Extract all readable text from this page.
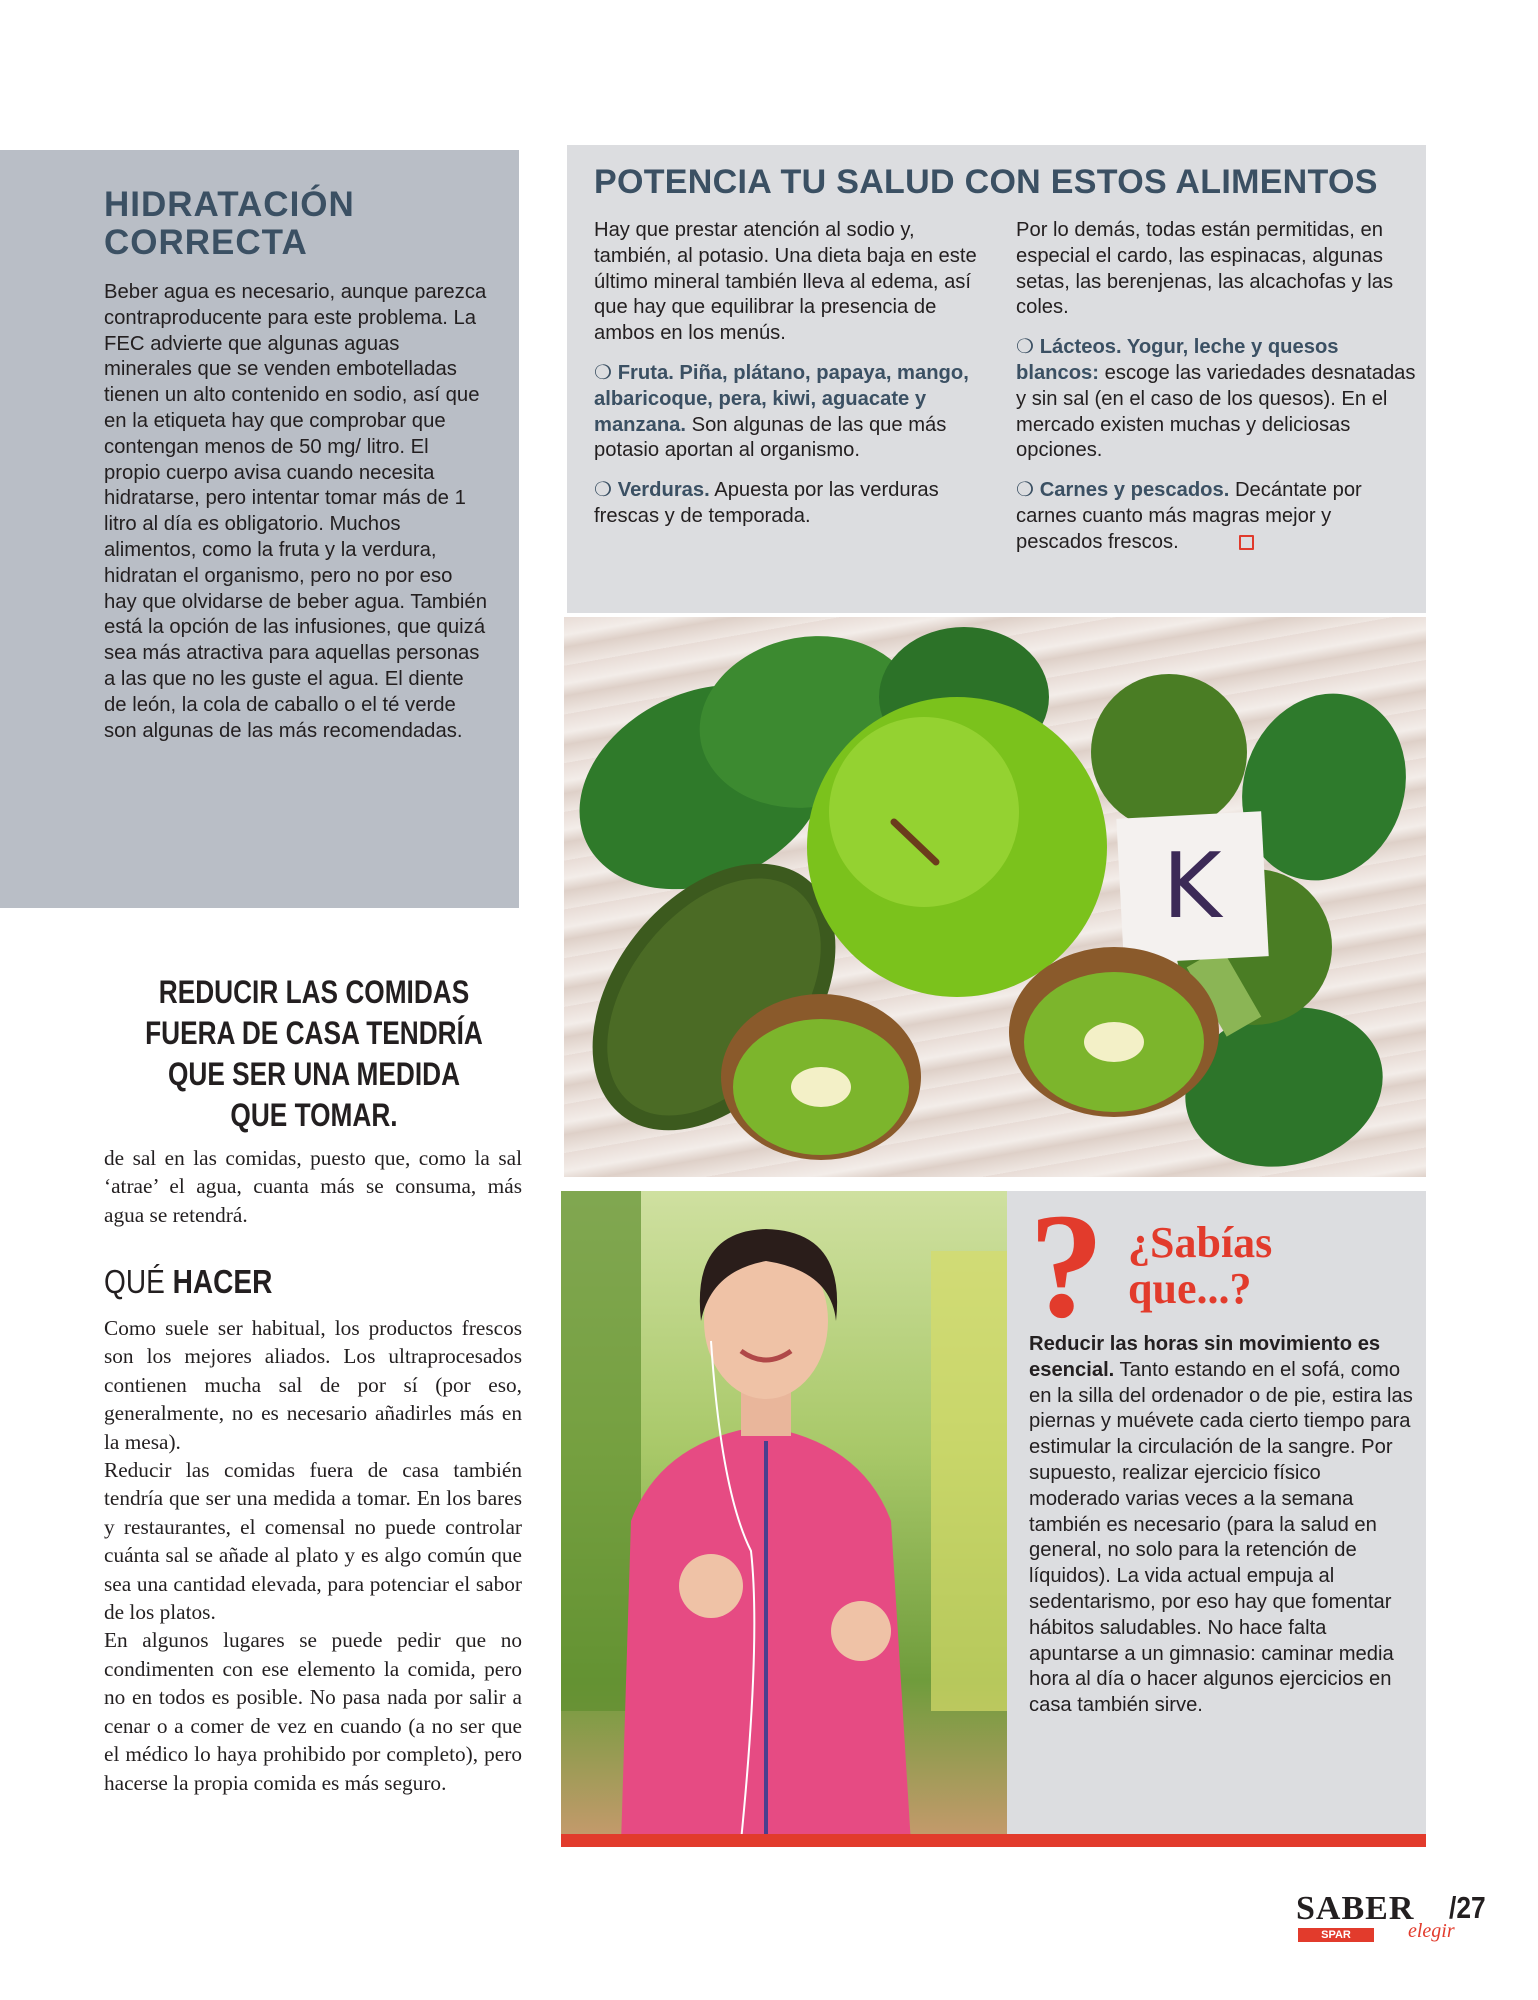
HIDRATACIÓN CORRECTA
Beber agua es necesario, aunque parezca contraproducente para este problema. La FEC advierte que algunas aguas minerales que se venden embotelladas tienen un alto contenido en sodio, así que en la etiqueta hay que comprobar que contengan menos de 50 mg/ litro. El propio cuerpo avisa cuando necesita hidratarse, pero intentar tomar más de 1 litro al día es obligatorio. Muchos alimentos, como la fruta y la verdura, hidratan el organismo, pero no por eso hay que olvidarse de beber agua. También está la opción de las infusiones, que quizá sea más atractiva para aquellas personas a las que no les guste el agua. El diente de león, la cola de caballo o el té verde son algunas de las más recomendadas.
POTENCIA TU SALUD CON ESTOS ALIMENTOS

Hay que prestar atención al sodio y, también, al potasio. Una dieta baja en este último mineral también lleva al edema, así que hay que equilibrar la presencia de ambos en los menús.

❍ Fruta. Piña, plátano, papaya, mango, albaricoque, pera, kiwi, aguacate y manzana. Son algunas de las que más potasio aportan al organismo.

❍ Verduras. Apuesta por las verduras frescas y de temporada.

Por lo demás, todas están permitidas, en especial el cardo, las espinacas, algunas setas, las berenjenas, las alcachofas y las coles.

❍ Lácteos. Yogur, leche y quesos blancos: escoge las variedades desnatadas y sin sal (en el caso de los quesos). En el mercado existen muchas y deliciosas opciones.

❍ Carnes y pescados. Decántate por carnes cuanto más magras mejor y pescados frescos.

K
REDUCIR LAS COMIDAS FUERA DE CASA TENDRÍA QUE SER UNA MEDIDA QUE TOMAR.
de sal en las comidas, puesto que, como la sal ‘atrae’ el agua, cuanta más se consuma, más agua se retendrá.
QUÉ HACER

Como suele ser habitual, los productos frescos son los mejores aliados. Los ultraprocesados contienen mucha sal de por sí (por eso, generalmente, no es necesario añadirles más en la mesa).

Reducir las comidas fuera de casa también tendría que ser una medida a tomar. En los bares y restaurantes, el comensal no puede controlar cuánta sal se añade al plato y es algo común que sea una cantidad elevada, para potenciar el sabor de los platos.

En algunos lugares se puede pedir que no condimenten con ese elemento la comida, pero no en todos es posible. No pasa nada por salir a cenar o a comer de vez en cuando (a no ser que el médico lo haya prohibido por completo), pero hacerse la propia comida es más seguro.

? ¿Sabías
que...?
Reducir las horas sin movimiento es esencial. Tanto estando en el sofá, como en la silla del ordenador o de pie, estira las piernas y muévete cada cierto tiempo para estimular la circulación de la sangre. Por supuesto, realizar ejercicio físico moderado varias veces a la semana también es necesario (para la salud en general, no solo para la retención de líquidos). La vida actual empuja al sedentarismo, por eso hay que fomentar hábitos saludables. No hace falta apuntarse a un gimnasio: caminar media hora al día o hacer algunos ejercicios en casa también sirve.
SABER
SPAR	elegir
/27
